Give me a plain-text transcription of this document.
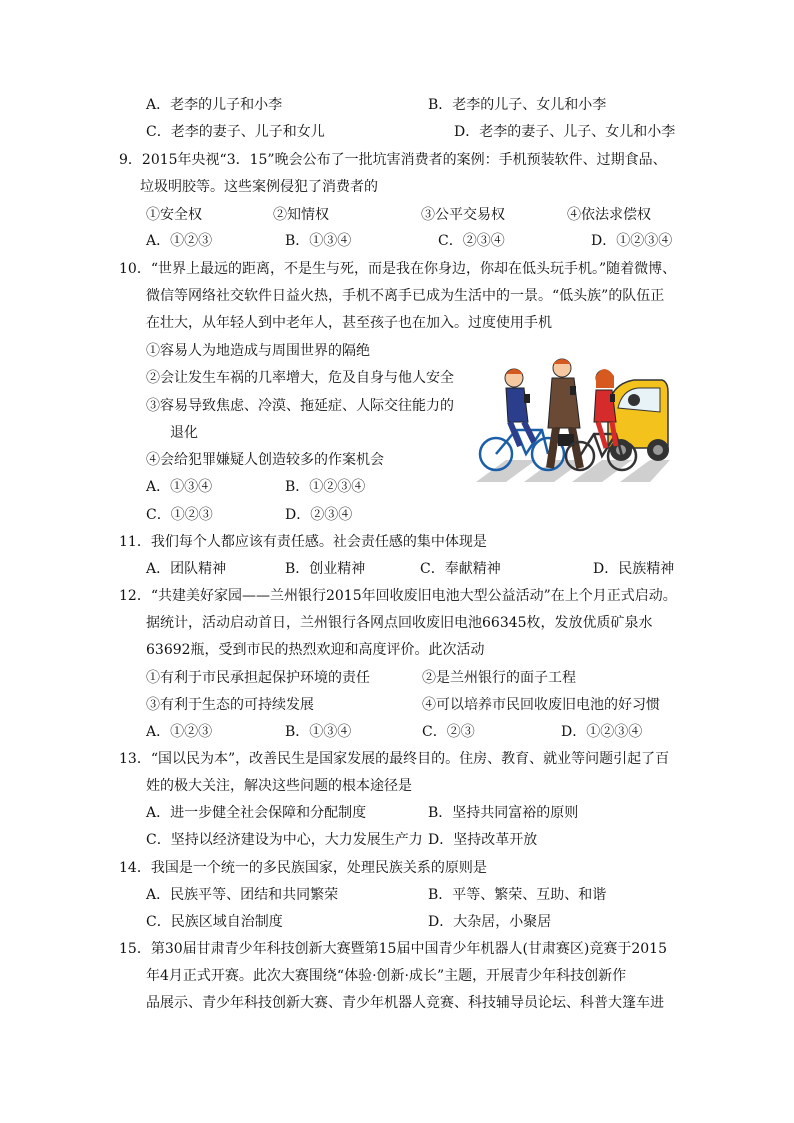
A．老李的儿子和小李	B．老李的儿子、女儿和小李
C．老李的妻子、儿子和女儿	D．老李的妻子、儿子、女儿和小李
9．2015年央视“3．15”晚会公布了一批坑害消费者的案例：手机预装软件、过期食品、
垃圾明胶等。这些案例侵犯了消费者的
①安全权	②知情权	③公平交易权	④依法求偿权
A．①②③	B．①③④	C．②③④	D．①②③④
10．“世界上最远的距离，不是生与死，而是我在你身边，你却在低头玩手机。”随着微博、
微信等网络社交软件日益火热，手机不离手已成为生活中的一景。“低头族”的队伍正
在壮大，从年轻人到中老年人，甚至孩子也在加入。过度使用手机
①容易人为地造成与周围世界的隔绝
②会让发生车祸的几率增大，危及自身与他人安全
③容易导致焦虑、冷漠、拖延症、人际交往能力的
退化
④会给犯罪嫌疑人创造较多的作案机会
A．①③④	B．①②③④
C．①②③	D．②③④
11．我们每个人都应该有责任感。社会责任感的集中体现是
A．团队精神	B．创业精神	C．奉献精神	D．民族精神
12．“共建美好家园——兰州银行2015年回收废旧电池大型公益活动”在上个月正式启动。
据统计，活动启动首日，兰州银行各网点回收废旧电池66345枚，发放优质矿泉水
63692瓶，受到市民的热烈欢迎和高度评价。此次活动
①有利于市民承担起保护环境的责任	②是兰州银行的面子工程
③有利于生态的可持续发展	④可以培养市民回收废旧电池的好习惯
A．①②③	B．①③④	C．②③	D．①②③④
13．“国以民为本”，改善民生是国家发展的最终目的。住房、教育、就业等问题引起了百
姓的极大关注，解决这些问题的根本途径是
A．进一步健全社会保障和分配制度	B．坚持共同富裕的原则
C．坚持以经济建设为中心，大力发展生产力 D．坚持改革开放
14．我国是一个统一的多民族国家，处理民族关系的原则是
A．民族平等、团结和共同繁荣	B．平等、繁荣、互助、和谐
C．民族区域自治制度	D．大杂居，小聚居
15．第30届甘肃青少年科技创新大赛暨第15届中国青少年机器人(甘肃赛区)竞赛于2015
年4月正式开赛。此次大赛围绕“体验·创新·成长”主题，开展青少年科技创新作
品展示、青少年科技创新大赛、青少年机器人竞赛、科技辅导员论坛、科普大篷车进
